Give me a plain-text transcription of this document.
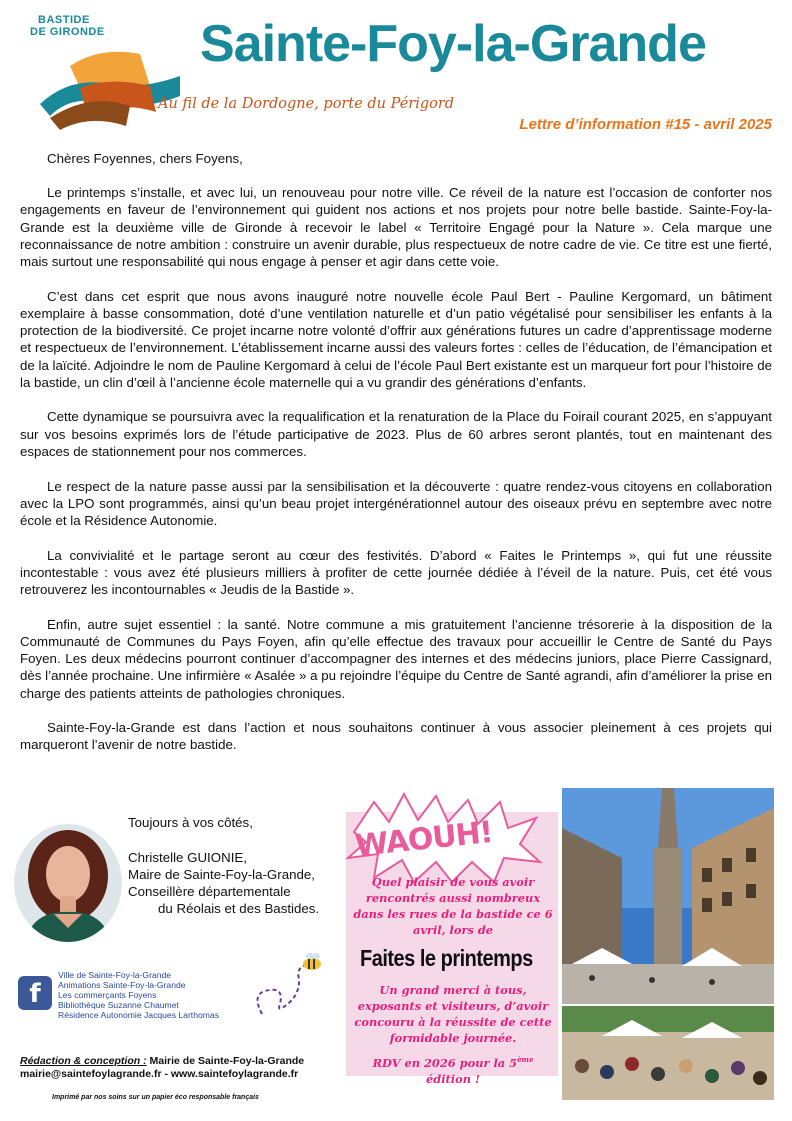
BASTIDE
DE GIRONDE Sainte-Foy-la-Grande
Au fil de la Dordogne, porte du Périgord
Lettre d’information #15 - avril 2025

Chères Foyennes, chers Foyens,

Le printemps s’installe, et avec lui, un renouveau pour notre ville. Ce réveil de la nature est l’occasion de conforter nos engagements en faveur de l’environnement qui guident nos actions et nos projets pour notre belle bastide. Sainte-Foy-la-Grande est la deuxième ville de Gironde à recevoir le label « Territoire Engagé pour la Nature ». Cela marque une reconnaissance de notre ambition : construire un avenir durable, plus respectueux de notre cadre de vie. Ce titre est une fierté, mais surtout une responsabilité qui nous engage à penser et agir dans cette voie.

C’est dans cet esprit que nous avons inauguré notre nouvelle école Paul Bert - Pauline Kergomard, un bâtiment exemplaire à basse consommation, doté d’une ventilation naturelle et d’un patio végétalisé pour sensibiliser les enfants à la protection de la biodiversité. Ce projet incarne notre volonté d’offrir aux générations futures un cadre d’apprentissage moderne et respectueux de l’environnement. L’établissement incarne aussi des valeurs fortes : celles de l’éducation, de l’émancipation et de la laïcité. Adjoindre le nom de Pauline Kergomard à celui de l’école Paul Bert existante est un marqueur fort pour l’histoire de la bastide, un clin d’œil à l’ancienne école maternelle qui a vu grandir des générations d’enfants.

Cette dynamique se poursuivra avec la requalification et la renaturation de la Place du Foirail courant 2025, en s’appuyant sur vos besoins exprimés lors de l’étude participative de 2023. Plus de 60 arbres seront plantés, tout en maintenant des espaces de stationnement pour nos commerces.

Le respect de la nature passe aussi par la sensibilisation et la découverte : quatre rendez-vous citoyens en collaboration avec la LPO sont programmés, ainsi qu’un beau projet intergénérationnel autour des oiseaux prévu en septembre avec notre école et la Résidence Autonomie.

La convivialité et le partage seront au cœur des festivités. D’abord « Faites le Printemps », qui fut une réussite incontestable : vous avez été plusieurs milliers à profiter de cette journée dédiée à l’éveil de la nature. Puis, cet été vous retrouverez les incontournables « Jeudis de la Bastide ».

Enfin, autre sujet essentiel : la santé. Notre commune a mis gratuitement l’ancienne trésorerie à la disposition de la Communauté de Communes du Pays Foyen, afin qu’elle effectue des travaux pour accueillir le Centre de Santé du Pays Foyen. Les deux médecins pourront continuer d’accompagner des internes et des médecins juniors, place Pierre Cassignard, dès l’année prochaine. Une infirmière « Asalée » a pu rejoindre l’équipe du Centre de Santé agrandi, afin d’améliorer la prise en charge des patients atteints de pathologies chroniques.

Sainte-Foy-la-Grande est dans l’action et nous souhaitons continuer à vous associer pleinement à ces projets qui marqueront l’avenir de notre bastide.

Toujours à vos côtés,
Christelle GUIONIE,
Maire de Sainte-Foy-la-Grande,
Conseillère départementale
du Réolais et des Bastides.
f
Ville de Sainte-Foy-la-Grande
Animations Sainte-Foy-la-Grande
Les commerçants Foyens
Bibliothèque Suzanne Chaumet
Résidence Autonomie Jacques Larthomas
Rédaction & conception : Mairie de Sainte-Foy-la-Grande
mairie@saintefoylagrande.fr - www.saintefoylagrande.fr
Imprimé par nos soins sur un papier éco responsable français
WAOUH!
Quel plaisir de vous avoir rencontrés aussi nombreux dans les rues de la bastide ce 6 avril, lors de
Faites le printemps
Un grand merci à tous, exposants et visiteurs, d’avoir concouru à la réussite de cette formidable journée.
RDV en 2026 pour la 5ème édition !
